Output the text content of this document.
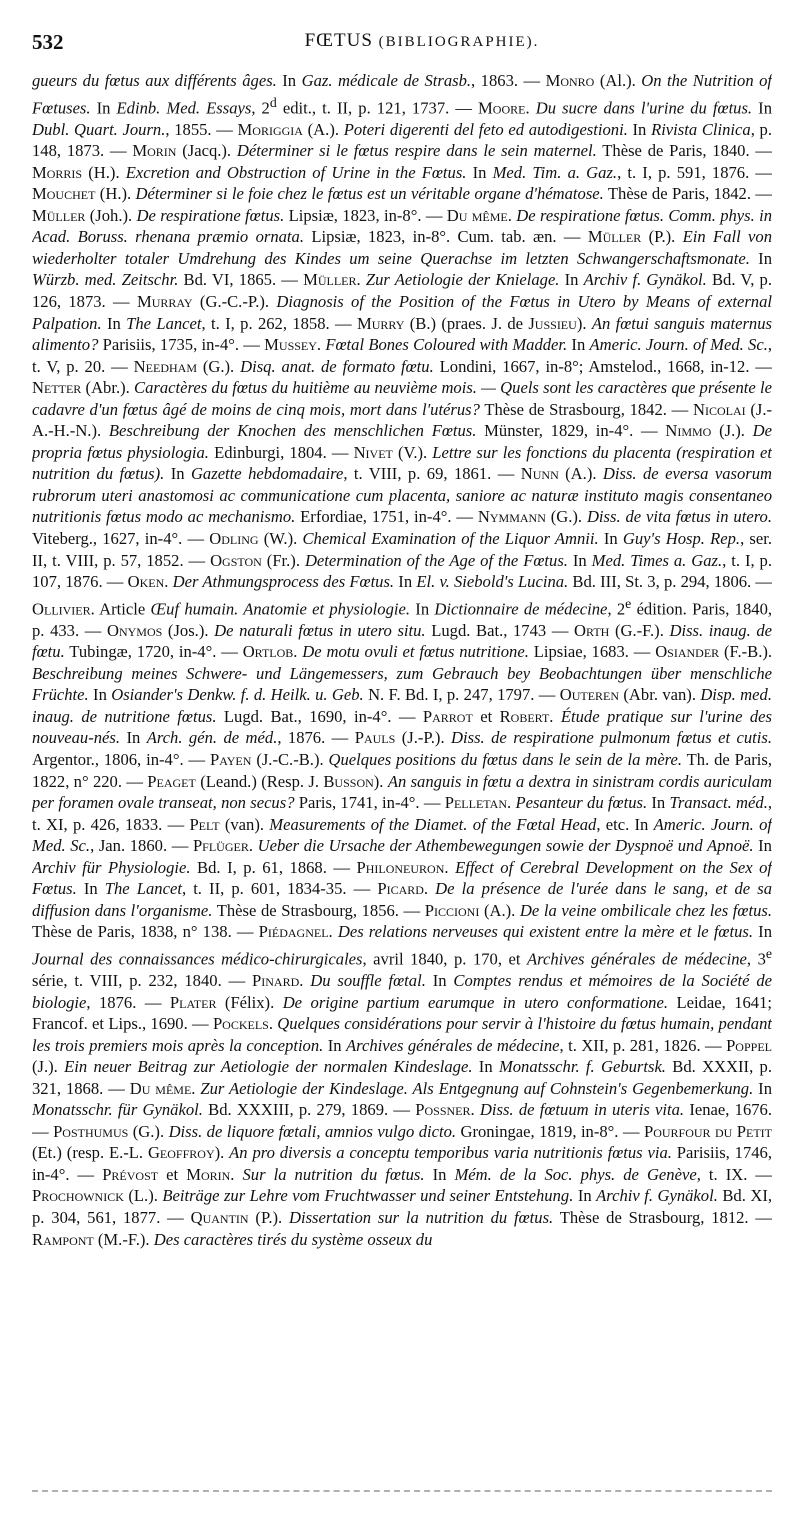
532	FŒTUS (BIBLIOGRAPHIE).

gueurs du fœtus aux différents âges. In Gaz. médicale de Strasb., 1863. — Monro (Al.). On the Nutrition of Fœtuses. In Edinb. Med. Essays, 2$^d$ edit., t. II, p. 121, 1737. — Moore. Du sucre dans l'urine du fœtus. In Dubl. Quart. Journ., 1855. — Moriggia (A.). Poteri digerenti del feto ed autodigestioni. In Rivista Clinica, p. 148, 1873. — Morin (Jacq.). Déterminer si le fœtus respire dans le sein maternel. Thèse de Paris, 1840. — Morris (H.). Excretion and Obstruction of Urine in the Fœtus. In Med. Tim. a. Gaz., t. I, p. 591, 1876. — Mouchet (H.). Déterminer si le foie chez le fœtus est un véritable organe d'hématose. Thèse de Paris, 1842. — Müller (Joh.). De respiratione fœtus. Lipsiæ, 1823, in-8°. — Du même. De respiratione fœtus. Comm. phys. in Acad. Boruss. rhenana præmio ornata. Lipsiæ, 1823, in-8°. Cum. tab. æn. — Müller (P.). Ein Fall von wiederholter totaler Umdrehung des Kindes um seine Querachse im letzten Schwangerschaftsmonate. In Würzb. med. Zeitschr. Bd. VI, 1865. — Müller. Zur Aetiologie der Knielage. In Archiv f. Gynäkol. Bd. V, p. 126, 1873. — Murray (G.-C.-P.). Diagnosis of the Position of the Fœtus in Utero by Means of external Palpation. In The Lancet, t. I, p. 262, 1858. — Murry (B.) (praes. J. de Jussieu). An fœtui sanguis maternus alimento? Parisiis, 1735, in-4°. — Mussey. Fœtal Bones Coloured with Madder. In Americ. Journ. of Med. Sc., t. V, p. 20. — Needham (G.). Disq. anat. de formato fœtu. Londini, 1667, in-8°; Amstelod., 1668, in-12. — Netter (Abr.). Caractères du fœtus du huitième au neuvième mois. — Quels sont les caractères que présente le cadavre d'un fœtus âgé de moins de cinq mois, mort dans l'utérus? Thèse de Strasbourg, 1842. — Nicolai (J.-A.-H.-N.). Beschreibung der Knochen des menschlichen Fœtus. Münster, 1829, in-4°. — Nimmo (J.). De propria fœtus physiologia. Edinburgi, 1804. — Nivet (V.). Lettre sur les fonctions du placenta (respiration et nutrition du fœtus). In Gazette hebdomadaire, t. VIII, p. 69, 1861. — Nunn (A.). Diss. de eversa vasorum rubrorum uteri anastomosi ac communicatione cum placenta, saniore ac naturæ instituto magis consentaneo nutritionis fœtus modo ac mechanismo. Erfordiae, 1751, in-4°. — Nymmann (G.). Diss. de vita fœtus in utero. Viteberg., 1627, in-4°. — Odling (W.). Chemical Examination of the Liquor Amnii. In Guy's Hosp. Rep., ser. II, t. VIII, p. 57, 1852. — Ogston (Fr.). Determination of the Age of the Fœtus. In Med. Times a. Gaz., t. I, p. 107, 1876. — Oken. Der Athmungsprocess des Fœtus. In El. v. Siebold's Lucina. Bd. III, St. 3, p. 294, 1806. — Ollivier. Article Œuf humain. Anatomie et physiologie. In Dictionnaire de médecine, 2e édition. Paris, 1840, p. 433. — Onymos (Jos.). De naturali fœtus in utero situ. Lugd. Bat., 1743 — Orth (G.-F.). Diss. inaug. de fœtu. Tubingæ, 1720, in-4°. — Ortlob. De motu ovuli et fœtus nutritione. Lipsiae, 1683. — Osiander (F.-B.). Beschreibung meines Schwere- und Längemessers, zum Gebrauch bey Beobachtungen über menschliche Früchte. In Osiander's Denkw. f. d. Heilk. u. Geb. N. F. Bd. I, p. 247, 1797. — Outeren (Abr. van). Disp. med. inaug. de nutritione fœtus. Lugd. Bat., 1690, in-4°. — Parrot et Robert. Étude pratique sur l'urine des nouveau-nés. In Arch. gén. de méd., 1876. — Pauls (J.-P.). Diss. de respiratione pulmonum fœtus et cutis. Argentor., 1806, in-4°. — Payen (J.-C.-B.). Quelques positions du fœtus dans le sein de la mère. Th. de Paris, 1822, n° 220. — Peaget (Leand.) (Resp. J. Busson). An sanguis in fœtu a dextra in sinistram cordis auriculam per foramen ovale transeat, non secus? Paris, 1741, in-4°. — Pelletan. Pesanteur du fœtus. In Transact. méd., t. XI, p. 426, 1833. — Pelt (van). Measurements of the Diamet. of the Fœtal Head, etc. In Americ. Journ. of Med. Sc., Jan. 1860. — Pflüger. Ueber die Ursache der Athembewegungen sowie der Dyspnoë und Apnoë. In Archiv für Physiologie. Bd. I, p. 61, 1868. — Philoneuron. Effect of Cerebral Development on the Sex of Fœtus. In The Lancet, t. II, p. 601, 1834-35. — Picard. De la présence de l'urée dans le sang, et de sa diffusion dans l'organisme. Thèse de Strasbourg, 1856. — Piccioni (A.). De la veine ombilicale chez les fœtus. Thèse de Paris, 1838, n° 138. — Piédagnel. Des relations nerveuses qui existent entre la mère et le fœtus. In Journal des connaissances médico-chirurgicales, avril 1840, p. 170, et Archives générales de médecine, 3e série, t. VIII, p. 232, 1840. — Pinard. Du souffle fœtal. In Comptes rendus et mémoires de la Société de biologie, 1876. — Plater (Félix). De origine partium earumque in utero conformatione. Leidae, 1641; Francof. et Lips., 1690. — Pockels. Quelques considérations pour servir à l'histoire du fœtus humain, pendant les trois premiers mois après la conception. In Archives générales de médecine, t. XII, p. 281, 1826. — Poppel (J.). Ein neuer Beitrag zur Aetiologie der normalen Kindeslage. In Monatsschr. f. Geburtsk. Bd. XXXII, p. 321, 1868. — Du même. Zur Aetiologie der Kindeslage. Als Entgegnung auf Cohnstein's Gegenbemerkung. In Monatsschr. für Gynäkol. Bd. XXXIII, p. 279, 1869. — Possner. Diss. de fœtuum in uteris vita. Ienae, 1676. — Posthumus (G.). Diss. de liquore fœtali, amnios vulgo dicto. Groningae, 1819, in-8°. — Pourfour du Petit (Et.) (resp. E.-L. Geoffroy). An pro diversis a conceptu temporibus varia nutritionis fœtus via. Parisiis, 1746, in-4°. — Prévost et Morin. Sur la nutrition du fœtus. In Mém. de la Soc. phys. de Genève, t. IX. — Prochownick (L.). Beiträge zur Lehre vom Fruchtwasser und seiner Entstehung. In Archiv f. Gynäkol. Bd. XI, p. 304, 561, 1877. — Quantin (P.). Dissertation sur la nutrition du fœtus. Thèse de Strasbourg, 1812. — Rampont (M.-F.). Des caractères tirés du système osseux du
